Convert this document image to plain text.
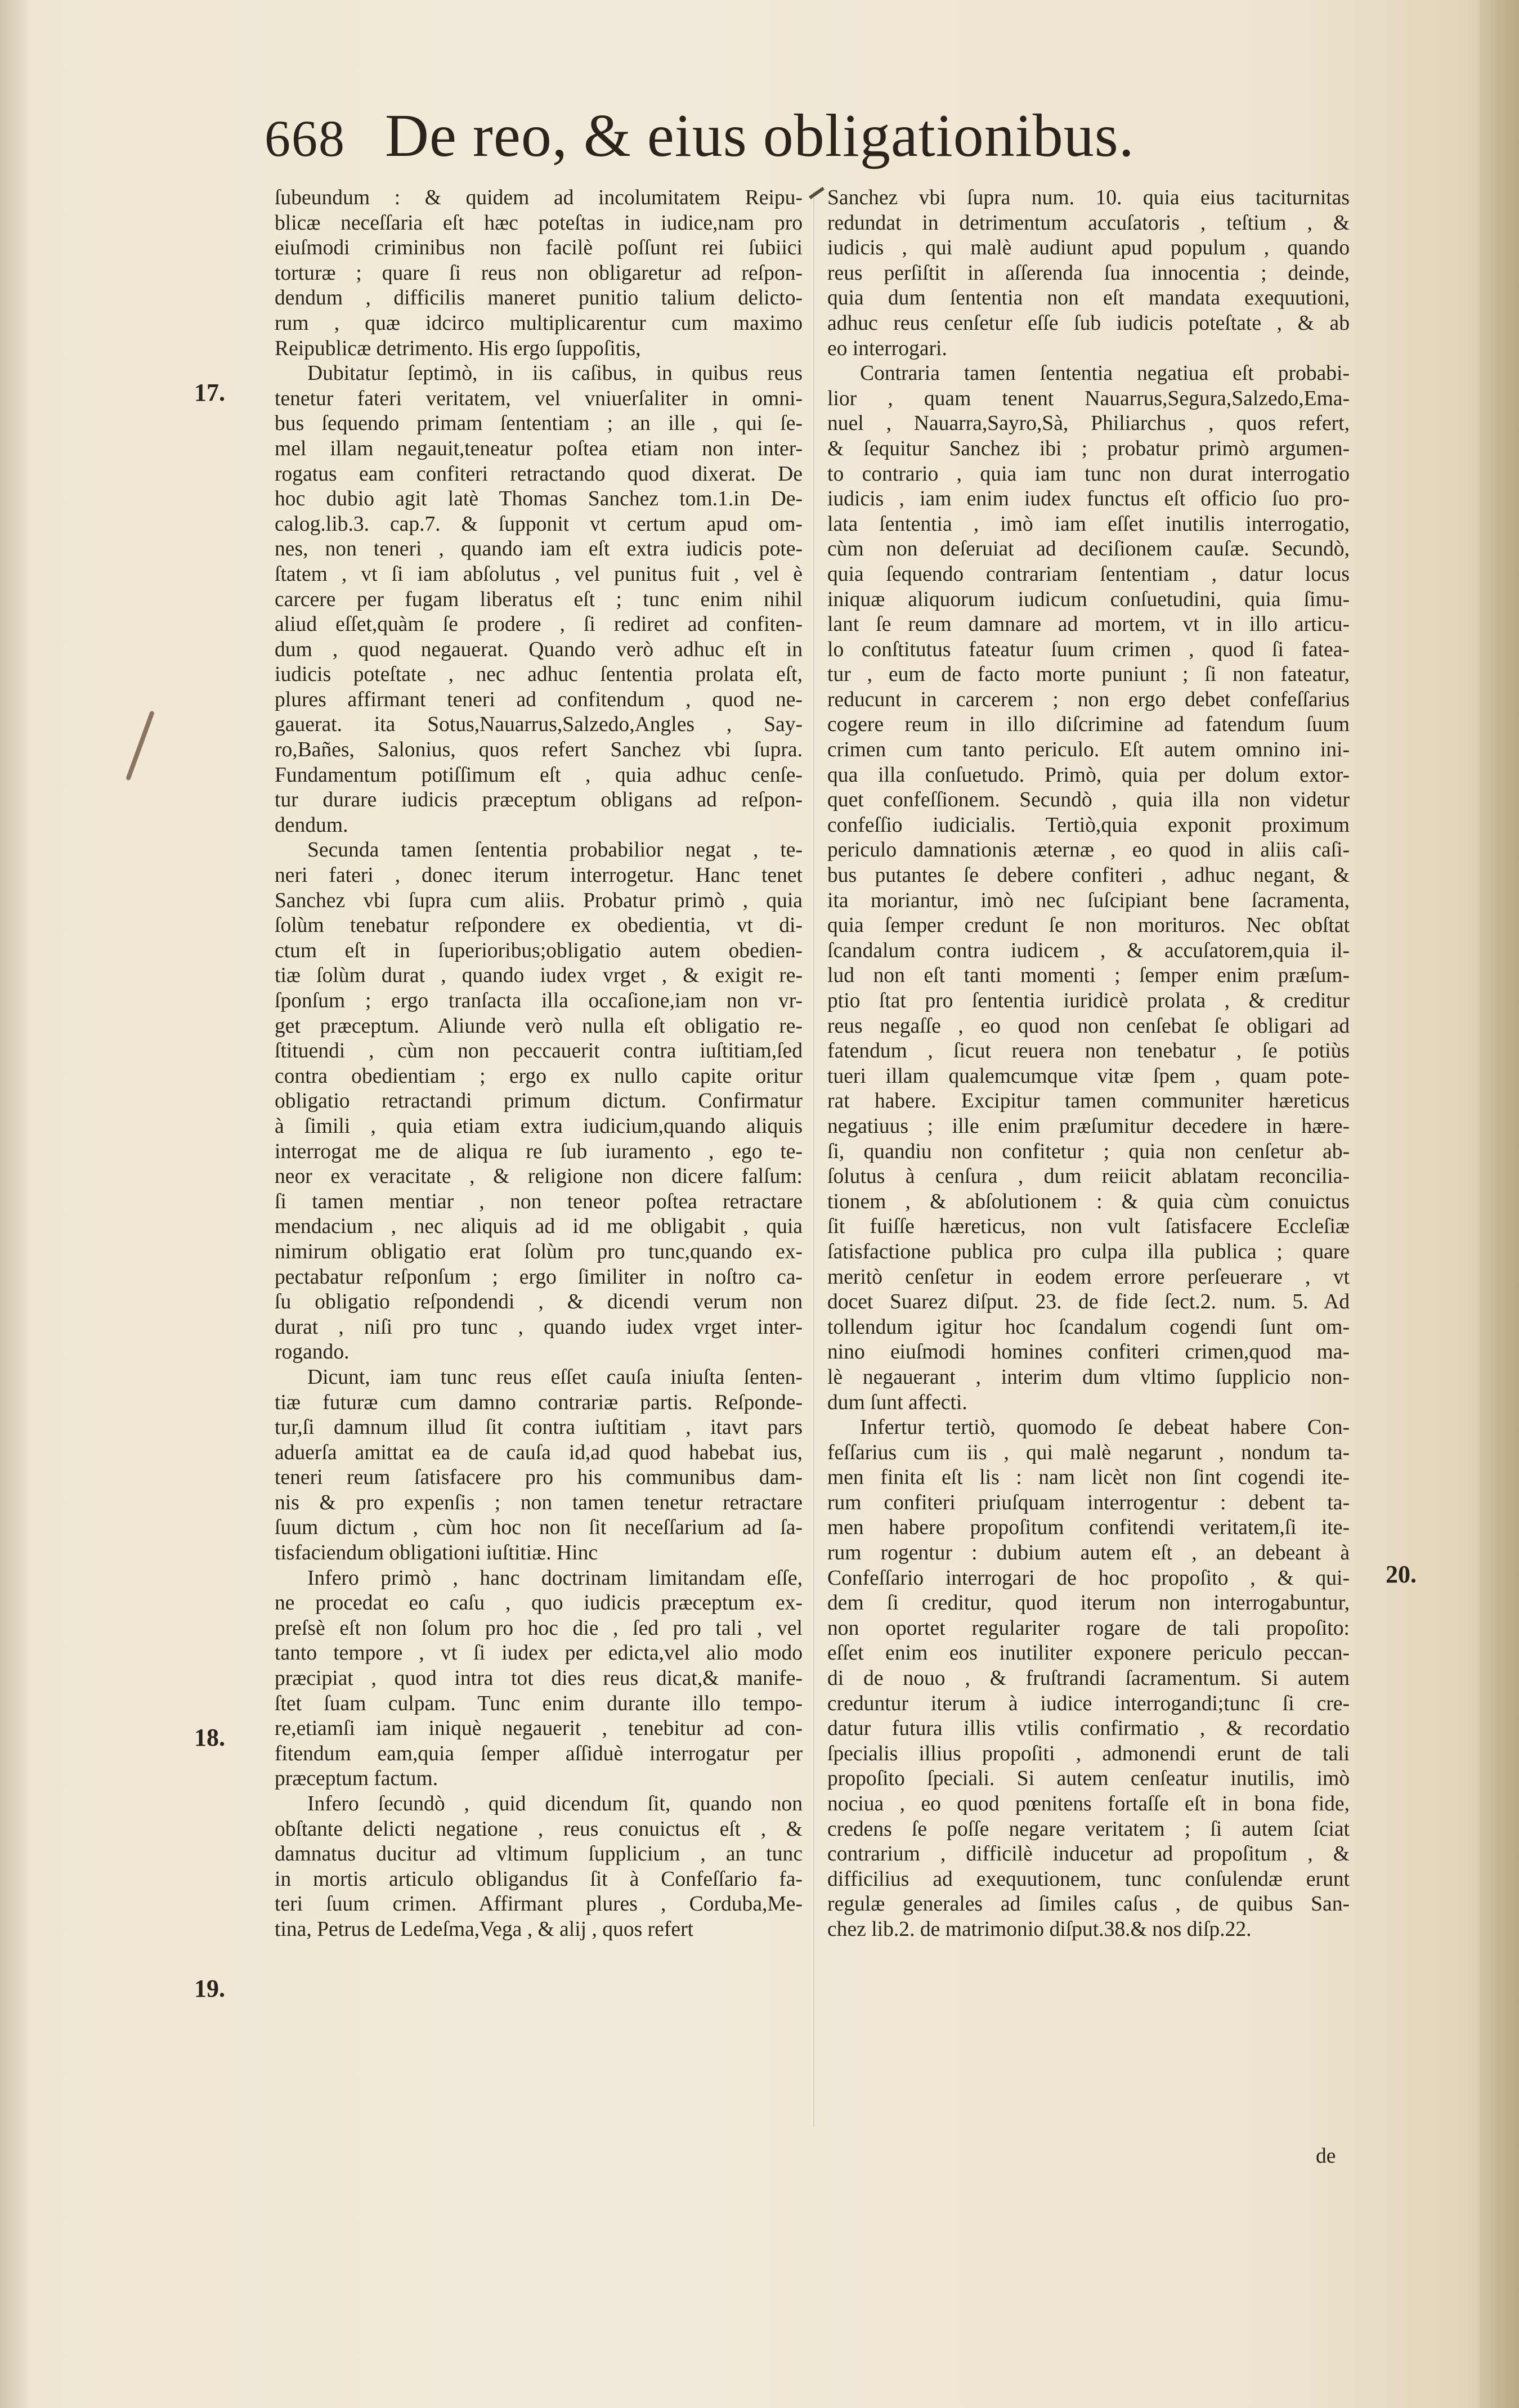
668 De reo, & eius obligationibus.
17.
18.
19.
20.
ſubeundum : & quidem ad incolumitatem Reipu-
blicæ neceſſaria eſt hæc poteſtas in iudice,nam pro
eiuſmodi criminibus non facilè poſſunt rei ſubiici
torturæ ; quare ſi reus non obligaretur ad reſpon-
dendum , difficilis maneret punitio talium delicto-
rum , quæ idcirco multiplicarentur cum maximo
Reipublicæ detrimento. His ergo ſuppoſitis,
Dubitatur ſeptimò, in iis caſibus, in quibus reus
tenetur fateri veritatem, vel vniuerſaliter in omni-
bus ſequendo primam ſententiam ; an ille , qui ſe-
mel illam negauit,teneatur poſtea etiam non inter-
rogatus eam confiteri retractando quod dixerat. De
hoc dubio agit latè Thomas Sanchez tom.1.in De-
calog.lib.3. cap.7. & ſupponit vt certum apud om-
nes, non teneri , quando iam eſt extra iudicis pote-
ſtatem , vt ſi iam abſolutus , vel punitus fuit , vel è
carcere per fugam liberatus eſt ; tunc enim nihil
aliud eſſet,quàm ſe prodere , ſi rediret ad confiten-
dum , quod negauerat. Quando verò adhuc eſt in
iudicis poteſtate , nec adhuc ſententia prolata eſt,
plures affirmant teneri ad confitendum , quod ne-
gauerat. ita Sotus,Nauarrus,Salzedo,Angles , Say-
ro,Bañes, Salonius, quos refert Sanchez vbi ſupra.
Fundamentum potiſſimum eſt , quia adhuc cenſe-
tur durare iudicis præceptum obligans ad reſpon-
dendum.
Secunda tamen ſententia probabilior negat , te-
neri fateri , donec iterum interrogetur. Hanc tenet
Sanchez vbi ſupra cum aliis. Probatur primò , quia
ſolùm tenebatur reſpondere ex obedientia, vt di-
ctum eſt in ſuperioribus;obligatio autem obedien-
tiæ ſolùm durat , quando iudex vrget , & exigit re-
ſponſum ; ergo tranſacta illa occaſione,iam non vr-
get præceptum. Aliunde verò nulla eſt obligatio re-
ſtituendi , cùm non peccauerit contra iuſtitiam,ſed
contra obedientiam ; ergo ex nullo capite oritur
obligatio retractandi primum dictum. Confirmatur
à ſimili , quia etiam extra iudicium,quando aliquis
interrogat me de aliqua re ſub iuramento , ego te-
neor ex veracitate , & religione non dicere falſum:
ſi tamen mentiar , non teneor poſtea retractare
mendacium , nec aliquis ad id me obligabit , quia
nimirum obligatio erat ſolùm pro tunc,quando ex-
pectabatur reſponſum ; ergo ſimiliter in noſtro ca-
ſu obligatio reſpondendi , & dicendi verum non
durat , niſi pro tunc , quando iudex vrget inter-
rogando.
Dicunt, iam tunc reus eſſet cauſa iniuſta ſenten-
tiæ futuræ cum damno contrariæ partis. Reſponde-
tur,ſi damnum illud ſit contra iuſtitiam , itavt pars
aduerſa amittat ea de cauſa id,ad quod habebat ius,
teneri reum ſatisfacere pro his communibus dam-
nis & pro expenſis ; non tamen tenetur retractare
ſuum dictum , cùm hoc non ſit neceſſarium ad ſa-
tisfaciendum obligationi iuſtitiæ. Hinc
Infero primò , hanc doctrinam limitandam eſſe,
ne procedat eo caſu , quo iudicis præceptum ex-
preſsè eſt non ſolum pro hoc die , ſed pro tali , vel
tanto tempore , vt ſi iudex per edicta,vel alio modo
præcipiat , quod intra tot dies reus dicat,& manife-
ſtet ſuam culpam. Tunc enim durante illo tempo-
re,etiamſi iam iniquè negauerit , tenebitur ad con-
fitendum eam,quia ſemper aſſiduè interrogatur per
præceptum factum.
Infero ſecundò , quid dicendum ſit, quando non
obſtante delicti negatione , reus conuictus eſt , &
damnatus ducitur ad vltimum ſupplicium , an tunc
in mortis articulo obligandus ſit à Confeſſario fa-
teri ſuum crimen. Affirmant plures , Corduba,Me-
tina, Petrus de Ledeſma,Vega , & alij , quos refert
Sanchez vbi ſupra num. 10. quia eius taciturnitas
redundat in detrimentum accuſatoris , teſtium , &
iudicis , qui malè audiunt apud populum , quando
reus perſiſtit in aſſerenda ſua innocentia ; deinde,
quia dum ſententia non eſt mandata exequutioni,
adhuc reus cenſetur eſſe ſub iudicis poteſtate , & ab
eo interrogari.
Contraria tamen ſententia negatiua eſt probabi-
lior , quam tenent Nauarrus,Segura,Salzedo,Ema-
nuel , Nauarra,Sayro,Sà, Philiarchus , quos refert,
& ſequitur Sanchez ibi ; probatur primò argumen-
to contrario , quia iam tunc non durat interrogatio
iudicis , iam enim iudex functus eſt officio ſuo pro-
lata ſententia , imò iam eſſet inutilis interrogatio,
cùm non deſeruiat ad deciſionem cauſæ. Secundò,
quia ſequendo contrariam ſententiam , datur locus
iniquæ aliquorum iudicum conſuetudini, quia ſimu-
lant ſe reum damnare ad mortem, vt in illo articu-
lo conſtitutus fateatur ſuum crimen , quod ſi fatea-
tur , eum de facto morte puniunt ; ſi non fateatur,
reducunt in carcerem ; non ergo debet confeſſarius
cogere reum in illo diſcrimine ad fatendum ſuum
crimen cum tanto periculo. Eſt autem omnino ini-
qua illa conſuetudo. Primò, quia per dolum extor-
quet confeſſionem. Secundò , quia illa non videtur
confeſſio iudicialis. Tertiò,quia exponit proximum
periculo damnationis æternæ , eo quod in aliis caſi-
bus putantes ſe debere confiteri , adhuc negant, &
ita moriantur, imò nec ſuſcipiant bene ſacramenta,
quia ſemper credunt ſe non morituros. Nec obſtat
ſcandalum contra iudicem , & accuſatorem,quia il-
lud non eſt tanti momenti ; ſemper enim præſum-
ptio ſtat pro ſententia iuridicè prolata , & creditur
reus negaſſe , eo quod non cenſebat ſe obligari ad
fatendum , ſicut reuera non tenebatur , ſe potiùs
tueri illam qualemcumque vitæ ſpem , quam pote-
rat habere. Excipitur tamen communiter hæreticus
negatiuus ; ille enim præſumitur decedere in hære-
ſi, quandiu non confitetur ; quia non cenſetur ab-
ſolutus à cenſura , dum reiicit ablatam reconcilia-
tionem , & abſolutionem : & quia cùm conuictus
ſit fuiſſe hæreticus, non vult ſatisfacere Eccleſiæ
ſatisfactione publica pro culpa illa publica ; quare
meritò cenſetur in eodem errore perſeuerare , vt
docet Suarez diſput. 23. de fide ſect.2. num. 5. Ad
tollendum igitur hoc ſcandalum cogendi ſunt om-
nino eiuſmodi homines confiteri crimen,quod ma-
lè negauerant , interim dum vltimo ſupplicio non-
dum ſunt affecti.
Infertur tertiò, quomodo ſe debeat habere Con-
feſſarius cum iis , qui malè negarunt , nondum ta-
men finita eſt lis : nam licèt non ſint cogendi ite-
rum confiteri priuſquam interrogentur : debent ta-
men habere propoſitum confitendi veritatem,ſi ite-
rum rogentur : dubium autem eſt , an debeant à
Confeſſario interrogari de hoc propoſito , & qui-
dem ſi creditur, quod iterum non interrogabuntur,
non oportet regulariter rogare de tali propoſito:
eſſet enim eos inutiliter exponere periculo peccan-
di de nouo , & fruſtrandi ſacramentum. Si autem
creduntur iterum à iudice interrogandi;tunc ſi cre-
datur futura illis vtilis confirmatio , & recordatio
ſpecialis illius propoſiti , admonendi erunt de tali
propoſito ſpeciali. Si autem cenſeatur inutilis, imò
nociua , eo quod pœnitens fortaſſe eſt in bona fide,
credens ſe poſſe negare veritatem ; ſi autem ſciat
contrarium , difficilè inducetur ad propoſitum , &
difficilius ad exequutionem, tunc conſulendæ erunt
regulæ generales ad ſimiles caſus , de quibus San-
chez lib.2. de matrimonio diſput.38.& nos diſp.22.
de
